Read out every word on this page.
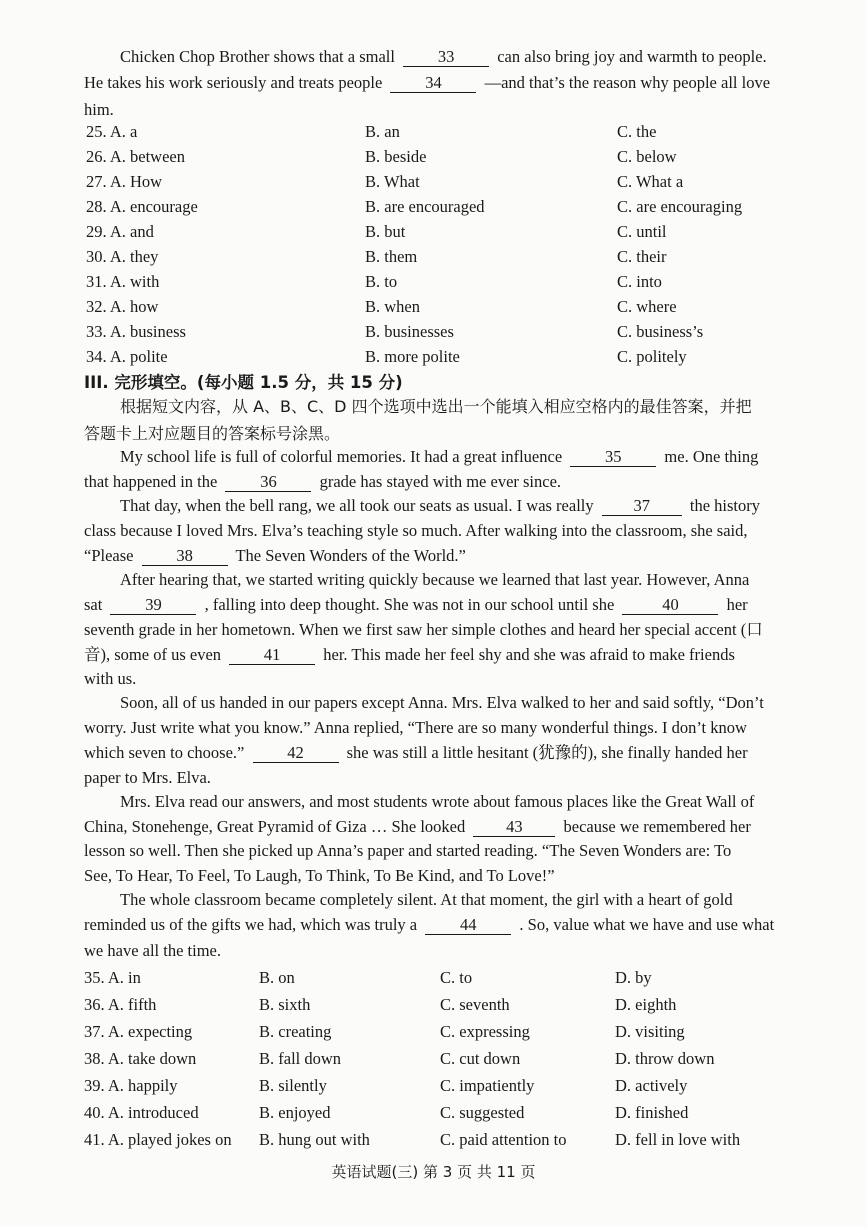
Chicken Chop Brother shows that a small	33	can also bring joy and warmth to people.
He takes his work seriously and treats people	34	—and that’s the reason why people all love
him.
25. A. a	B. an	C. the
26. A. between	B. beside	C. below
27. A. How	B. What	C. What a
28. A. encourage	B. are encouraged	C. are encouraging
29. A. and	B. but	C. until
30. A. they	B. them	C. their
31. A. with	B. to	C. into
32. A. how	B. when	C. where
33. A. business	B. businesses	C. business’s
34. A. polite	B. more polite	C. politely
III. 完形填空。(每小题 1.5 分，共 15 分)
根据短文内容，从 A、B、C、D 四个选项中选出一个能填入相应空格内的最佳答案，并把
答题卡上对应题目的答案标号涂黑。
My school life is full of colorful memories. It had a great influence	35	me. One thing
that happened in the	36	grade has stayed with me ever since.
That day, when the bell rang, we all took our seats as usual. I was really 37 the history
class because I loved Mrs. Elva’s teaching style so much. After walking into the classroom, she said,
“Please	38	The Seven Wonders of the World.”
After hearing that, we started writing quickly because we learned that last year. However, Anna
sat	39	, falling into deep thought. She was not in our school until she	40	her
seventh grade in her hometown. When we first saw her simple clothes and heard her special accent (口
音), some of us even	41	her. This made her feel shy and she was afraid to make friends
with us.
Soon, all of us handed in our papers except Anna. Mrs. Elva walked to her and said softly, “Don’t
worry. Just write what you know.” Anna replied, “There are so many wonderful things. I don’t know
which seven to choose.”	42	she was still a little hesitant (犹豫的), she finally handed her
paper to Mrs. Elva.
Mrs. Elva read our answers, and most students wrote about famous places like the Great Wall of
China, Stonehenge, Great Pyramid of Giza … She looked 43 because we remembered her
lesson so well. Then she picked up Anna’s paper and started reading. “The Seven Wonders are: To
See, To Hear, To Feel, To Laugh, To Think, To Be Kind, and To Love!”
The whole classroom became completely silent. At that moment, the girl with a heart of gold
reminded us of the gifts we had, which was truly a	44	. So, value what we have and use what
we have all the time.
35. A. in	B. on	C. to	D. by
36. A. fifth	B. sixth	C. seventh	D. eighth
37. A. expecting	B. creating	C. expressing	D. visiting
38. A. take down	B. fall down	C. cut down	D. throw down
39. A. happily	B. silently	C. impatiently	D. actively
40. A. introduced	B. enjoyed	C. suggested	D. finished
41. A. played jokes on B. hung out with	C. paid attention to	D. fell in love with
英语试题(三) 第 3 页 共 11 页
